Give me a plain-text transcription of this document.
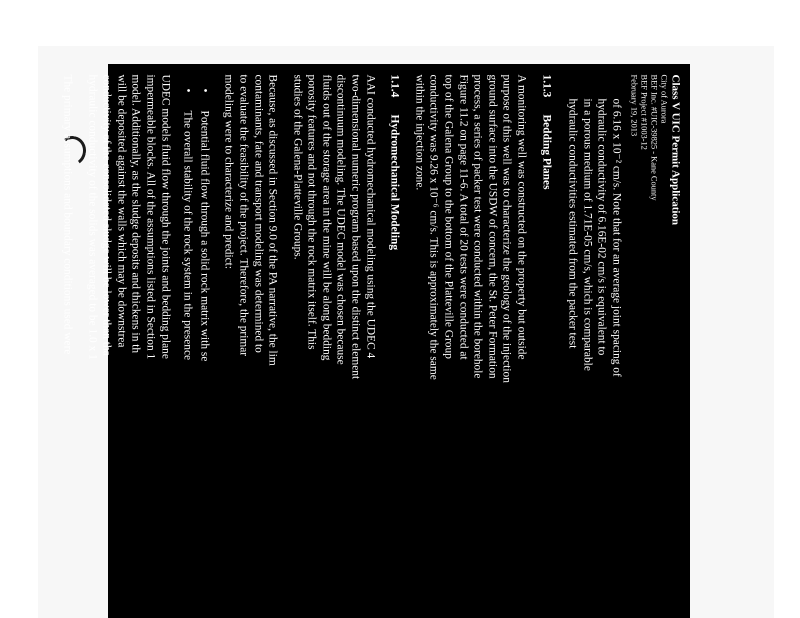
Class V UIC Permit Application
City of Aurora
BEF Inc. #UIC-39825 - Kane County
BEF Project #1003-12
February 19, 2013

of 6.16 x 10⁻² cm/s. Note that for an average joint spacing of

hydraulic conductivity of 6.16E-02 cm/s is equivalent to

in a porous medium of 1.71E-05 cm/s, which is comparable

hydraulic conductivities estimated from the packer test

1.1.3Bedding Planes

A monitoring well was constructed on the property but outside

purpose of this well was to characterize the geology of the injection

ground surface into the USDW of concern, the St. Peter Formation

process, a series of packer test were conducted within the borehole

Figure 11.2 on page 11-6. A total of 20 tests were conducted at

top of the Galena Group to the bottom of the Platteville Group

conductivity was 9.26 x 10⁻⁶ cm/s. This is approximately the same

within the injection zone.

1.1.4Hydromechanical Modeling

AAI conducted hydromechanical modeling using the UDEC 4

two-dimensional numeric program based upon the distinct element

discontinuum modeling. The UDEC model was chosen because

fluids out of the storage area in the mine will be along bedding

porosity features and not through the rock matrix itself. This

studies of the Galena-Platteville Groups.

Because, as discussed in Section 9.0 of the PA narrative, the lim

contaminants, fate and transport modeling was determined to

to evaluate the feasibility of the project. Therefore, the primar

modeling were to characterize and predict:

•Potential fluid flow through a solid rock matrix with se
•The overall stability of the rock system in the presence

UDEC models fluid flow through the joints and bedding plane

impermeable blocks. All of the assumptions listed in Section 1

model. Additionally, as the sludge deposits and thickens in th

will be deposited against the walls which may be downstrea

conductivity of the consolidated sludge will be lower than tha

hydraulic conductivity of the solids was averaged to be 1.0 x 1

The primary assumptions and boundary conditions used were
